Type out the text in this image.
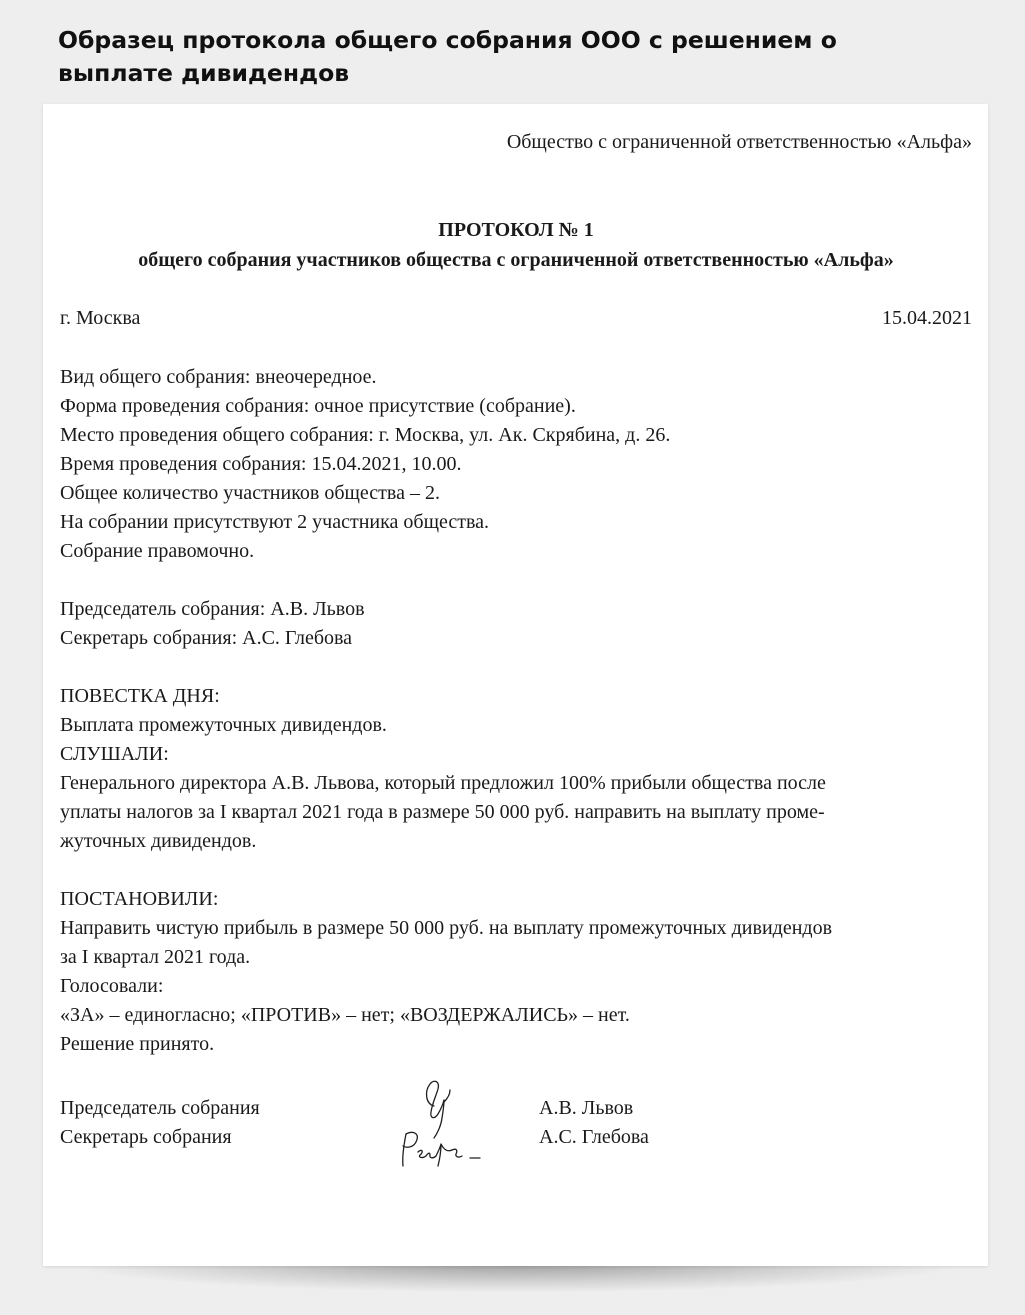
Образец протокола общего собрания ООО с решением о выплате дивидендов
Общество с ограниченной ответственностью «Альфа»
ПРОТОКОЛ № 1
общего собрания участников общества с ограниченной ответственностью «Альфа»
г. Москва	15.04.2021
Вид общего собрания: внеочередное.
Форма проведения собрания: очное присутствие (собрание).
Место проведения общего собрания: г. Москва, ул. Ак. Скрябина, д. 26.
Время проведения собрания: 15.04.2021, 10.00.
Общее количество участников общества – 2.
На собрании присутствуют 2 участника общества.
Собрание правомочно.
Председатель собрания: А.В. Львов
Секретарь собрания: А.С. Глебова
ПОВЕСТКА ДНЯ:
Выплата промежуточных дивидендов.
СЛУШАЛИ:
Генерального директора А.В. Львова, который предложил 100% прибыли общества после
уплаты налогов за I квартал 2021 года в размере 50 000 руб. направить на выплату проме-
жуточных дивидендов.
ПОСТАНОВИЛИ:
Направить чистую прибыль в размере 50 000 руб. на выплату промежуточных дивидендов
за I квартал 2021 года.
Голосовали:
«ЗА» – единогласно; «ПРОТИВ» – нет; «ВОЗДЕРЖАЛИСЬ» – нет.
Решение принято.
Председатель собрания
Секретарь собрания
А.В. Львов
А.С. Глебова
